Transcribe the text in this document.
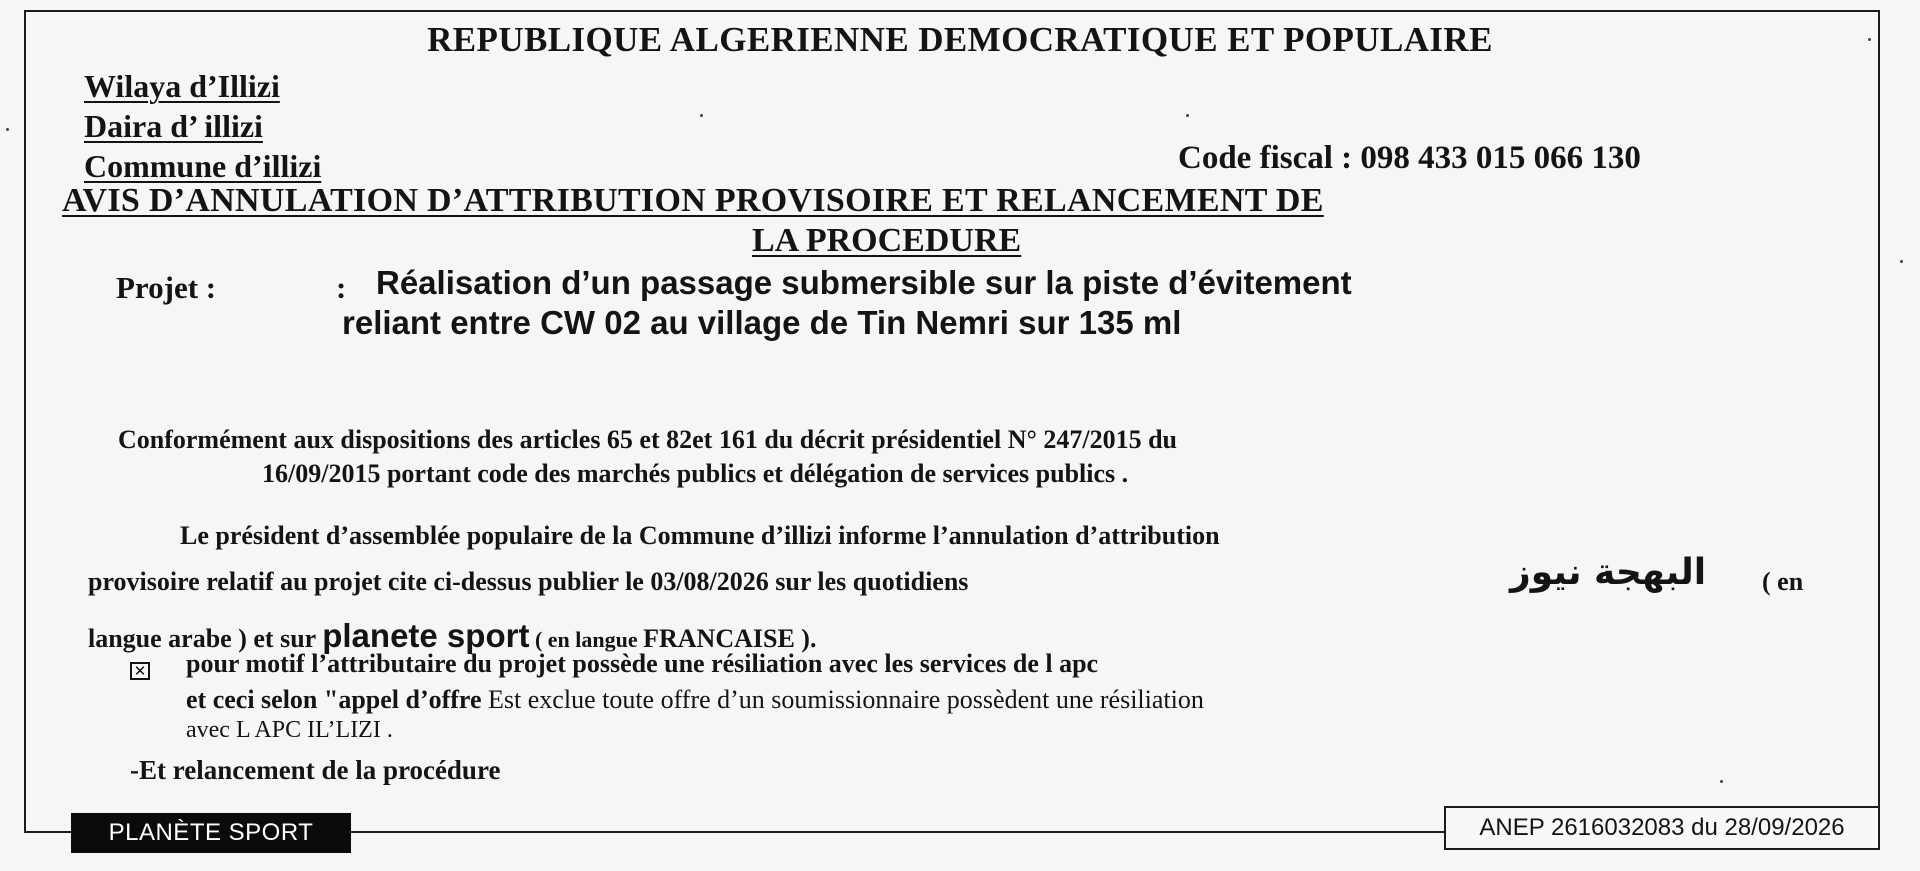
REPUBLIQUE ALGERIENNE DEMOCRATIQUE ET POPULAIRE
Wilaya d’Illizi
Daira d’ illizi
Commune d’illizi	Code fiscal : 098 433 015 066 130
AVIS D’ANNULATION D’ATTRIBUTION PROVISOIRE ET RELANCEMENT DE
LA PROCEDURE
Projet :	: Réalisation d’un passage submersible sur la piste d’évitement
reliant entre CW 02 au village de Tin Nemri sur 135 ml
Conformément aux dispositions des articles 65 et 82et 161 du décrit présidentiel N° 247/2015 du
16/09/2015 portant code des marchés publics et délégation de services publics .
Le président d’assemblée populaire de la Commune d’illizi informe l’annulation d’attribution
provisoire relatif au projet cite ci-dessus publier le 03/08/2026 sur les quotidiens	البهجة نيوز ( en
langue arabe ) et sur planete sport ( en langue FRANCAISE ).
✕ pour motif l’attributaire du projet possède une résiliation avec les services de l apc
et ceci selon "appel d’offre Est exclue toute offre d’un soumissionnaire possèdent une résiliation
avec L APC IL’LIZI .
-Et relancement de la procédure
PLANÈTE SPORT	ANEP 2616032083 du 28/09/2026
